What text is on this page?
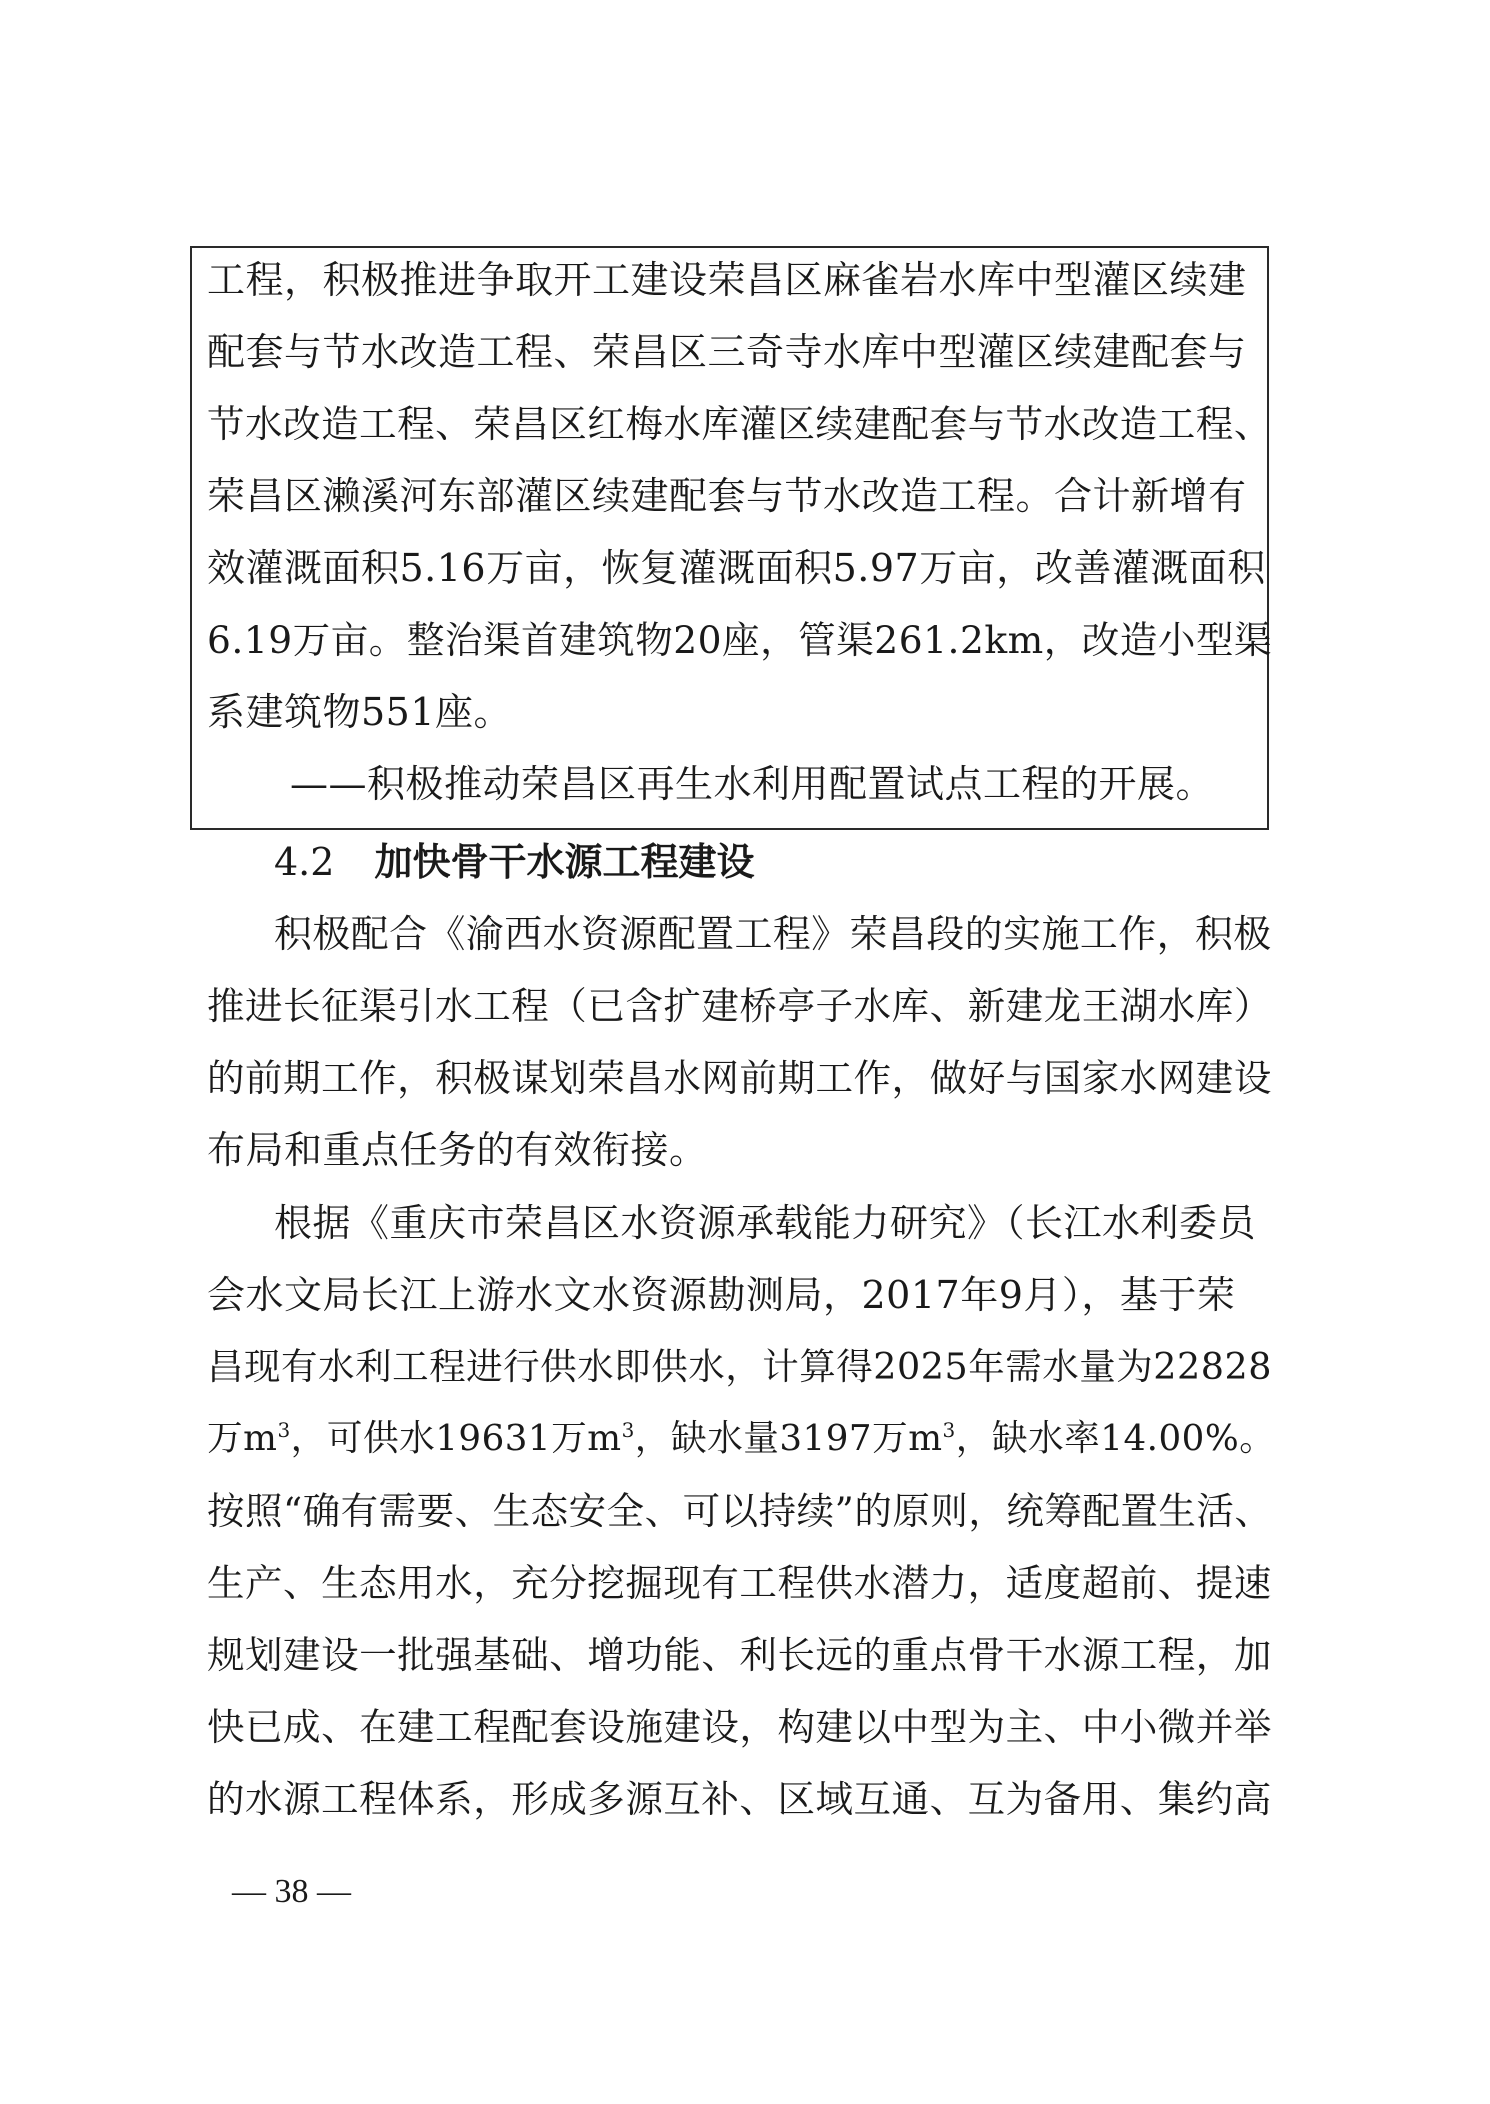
工程，积极推进争取开工建设荣昌区麻雀岩水库中型灌区续建
配套与节水改造工程、荣昌区三奇寺水库中型灌区续建配套与
节水改造工程、荣昌区红梅水库灌区续建配套与节水改造工程、
荣昌区濑溪河东部灌区续建配套与节水改造工程。合计新增有
效灌溉面积5.16万亩，恢复灌溉面积5.97万亩，改善灌溉面积
6.19万亩。整治渠首建筑物20座，管渠261.2km，改造小型渠
系建筑物551座。
——积极推动荣昌区再生水利用配置试点工程的开展。
4.2 加快骨干水源工程建设
积极配合《渝西水资源配置工程》荣昌段的实施工作，积极
推进长征渠引水工程（已含扩建桥亭子水库、新建龙王湖水库）
的前期工作，积极谋划荣昌水网前期工作，做好与国家水网建设
布局和重点任务的有效衔接。
根据《重庆市荣昌区水资源承载能力研究》（长江水利委员
会水文局长江上游水文水资源勘测局，2017年9月），基于荣
昌现有水利工程进行供水即供水，计算得2025年需水量为22828
万$m^3$，可供水19631万$m^3$，缺水量3197万$m^3$，缺水率14.00%。
按照“确有需要、生态安全、可以持续”的原则，统筹配置生活、
生产、生态用水，充分挖掘现有工程供水潜力，适度超前、提速
规划建设一批强基础、增功能、利长远的重点骨干水源工程，加
快已成、在建工程配套设施建设，构建以中型为主、中小微并举
的水源工程体系，形成多源互补、区域互通、互为备用、集约高
— 38 —
